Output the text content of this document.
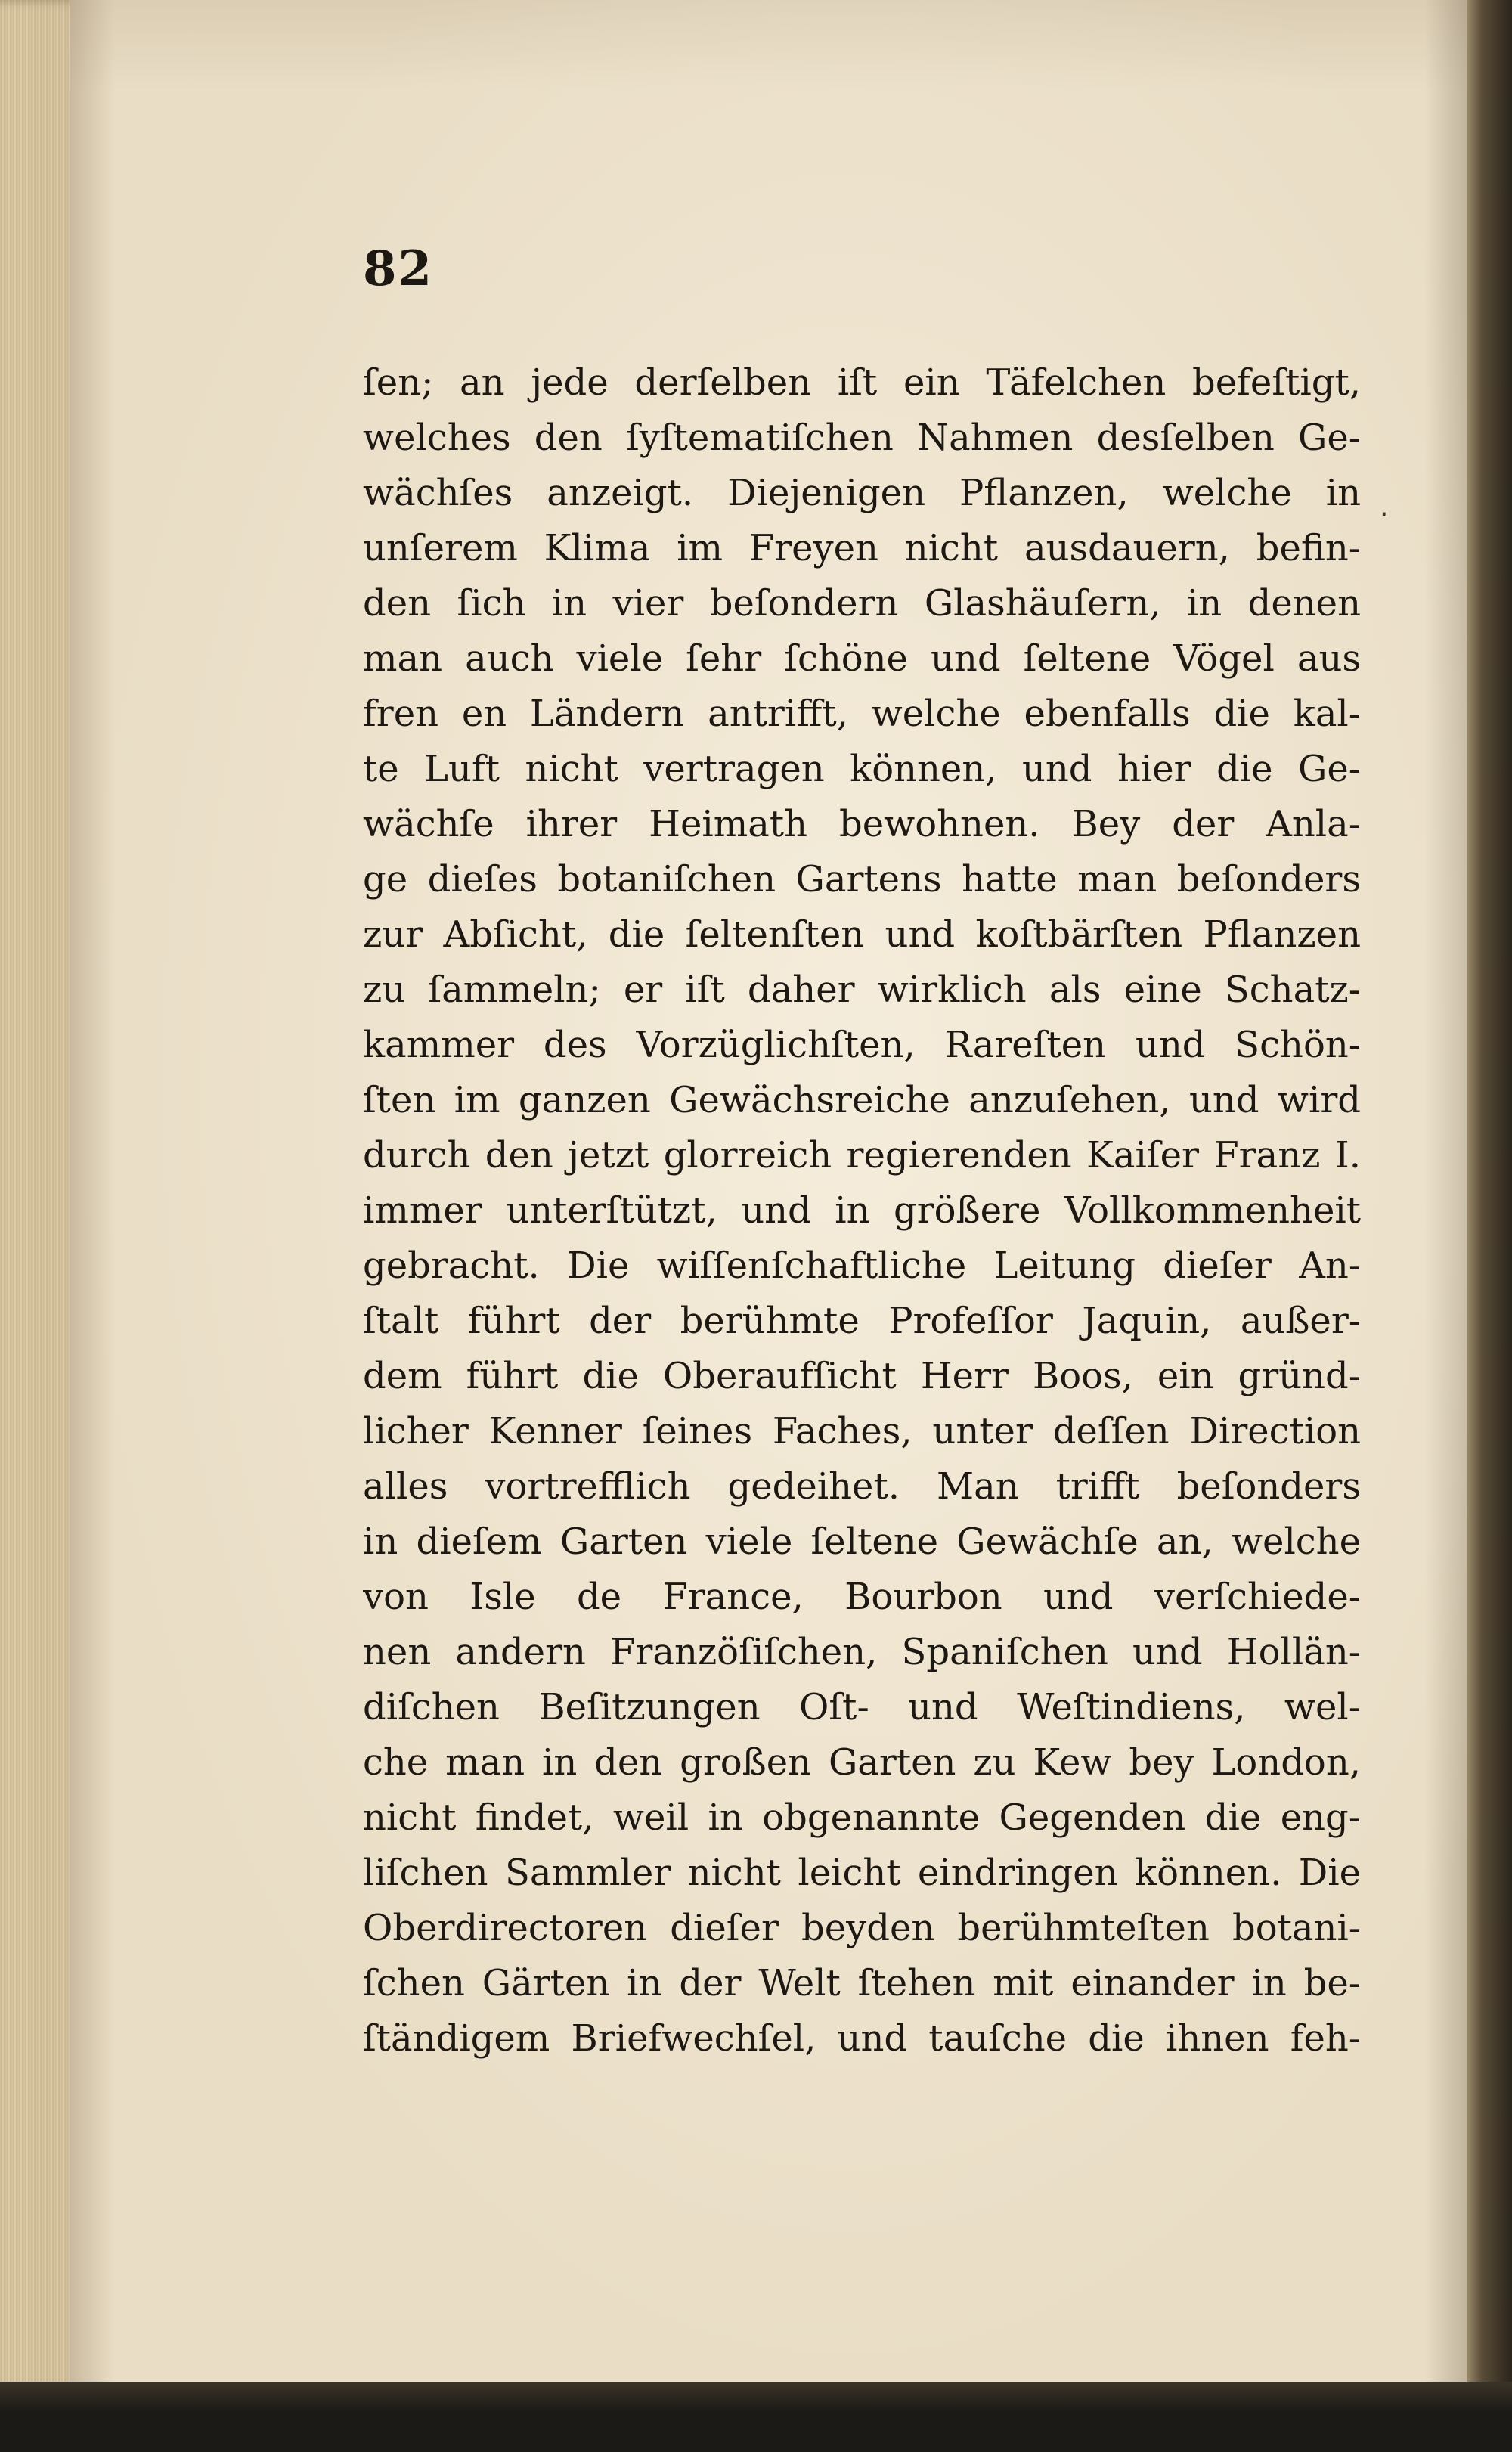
82
·
ſen; an jede derſelben iſt ein Täfelchen befeſtigt,
welches den ſyſtematiſchen Nahmen desſelben Ge-
wächſes anzeigt. Diejenigen Pflanzen, welche in
unſerem Klima im Freyen nicht ausdauern, befin-
den ſich in vier beſondern Glashäuſern, in denen
man auch viele ſehr ſchöne und ſeltene Vögel aus
fren en Ländern antrifft, welche ebenfalls die kal-
te Luft nicht vertragen können, und hier die Ge-
wächſe ihrer Heimath bewohnen. Bey der Anla-
ge dieſes botaniſchen Gartens hatte man beſonders
zur Abſicht, die ſeltenſten und koſtbärſten Pflanzen
zu ſammeln; er iſt daher wirklich als eine Schatz-
kammer des Vorzüglichſten, Rareſten und Schön-
ſten im ganzen Gewächsreiche anzuſehen, und wird
durch den jetzt glorreich regierenden Kaiſer Franz I.
immer unterſtützt, und in größere Vollkommenheit
gebracht. Die wiſſenſchaftliche Leitung dieſer An-
ſtalt führt der berühmte Profeſſor Jaquin, außer-
dem führt die Oberaufſicht Herr Boos, ein gründ-
licher Kenner ſeines Faches, unter deſſen Direction
alles vortrefflich gedeihet. Man trifft beſonders
in dieſem Garten viele ſeltene Gewächſe an, welche
von Isle de France, Bourbon und verſchiede-
nen andern Franzöſiſchen, Spaniſchen und Hollän-
diſchen Beſitzungen Oſt- und Weſtindiens, wel-
che man in den großen Garten zu Kew bey London,
nicht findet, weil in obgenannte Gegenden die eng-
liſchen Sammler nicht leicht eindringen können. Die
Oberdirectoren dieſer beyden berühmteſten botani-
ſchen Gärten in der Welt ſtehen mit einander in be-
ſtändigem Briefwechſel, und tauſche die ihnen feh-
